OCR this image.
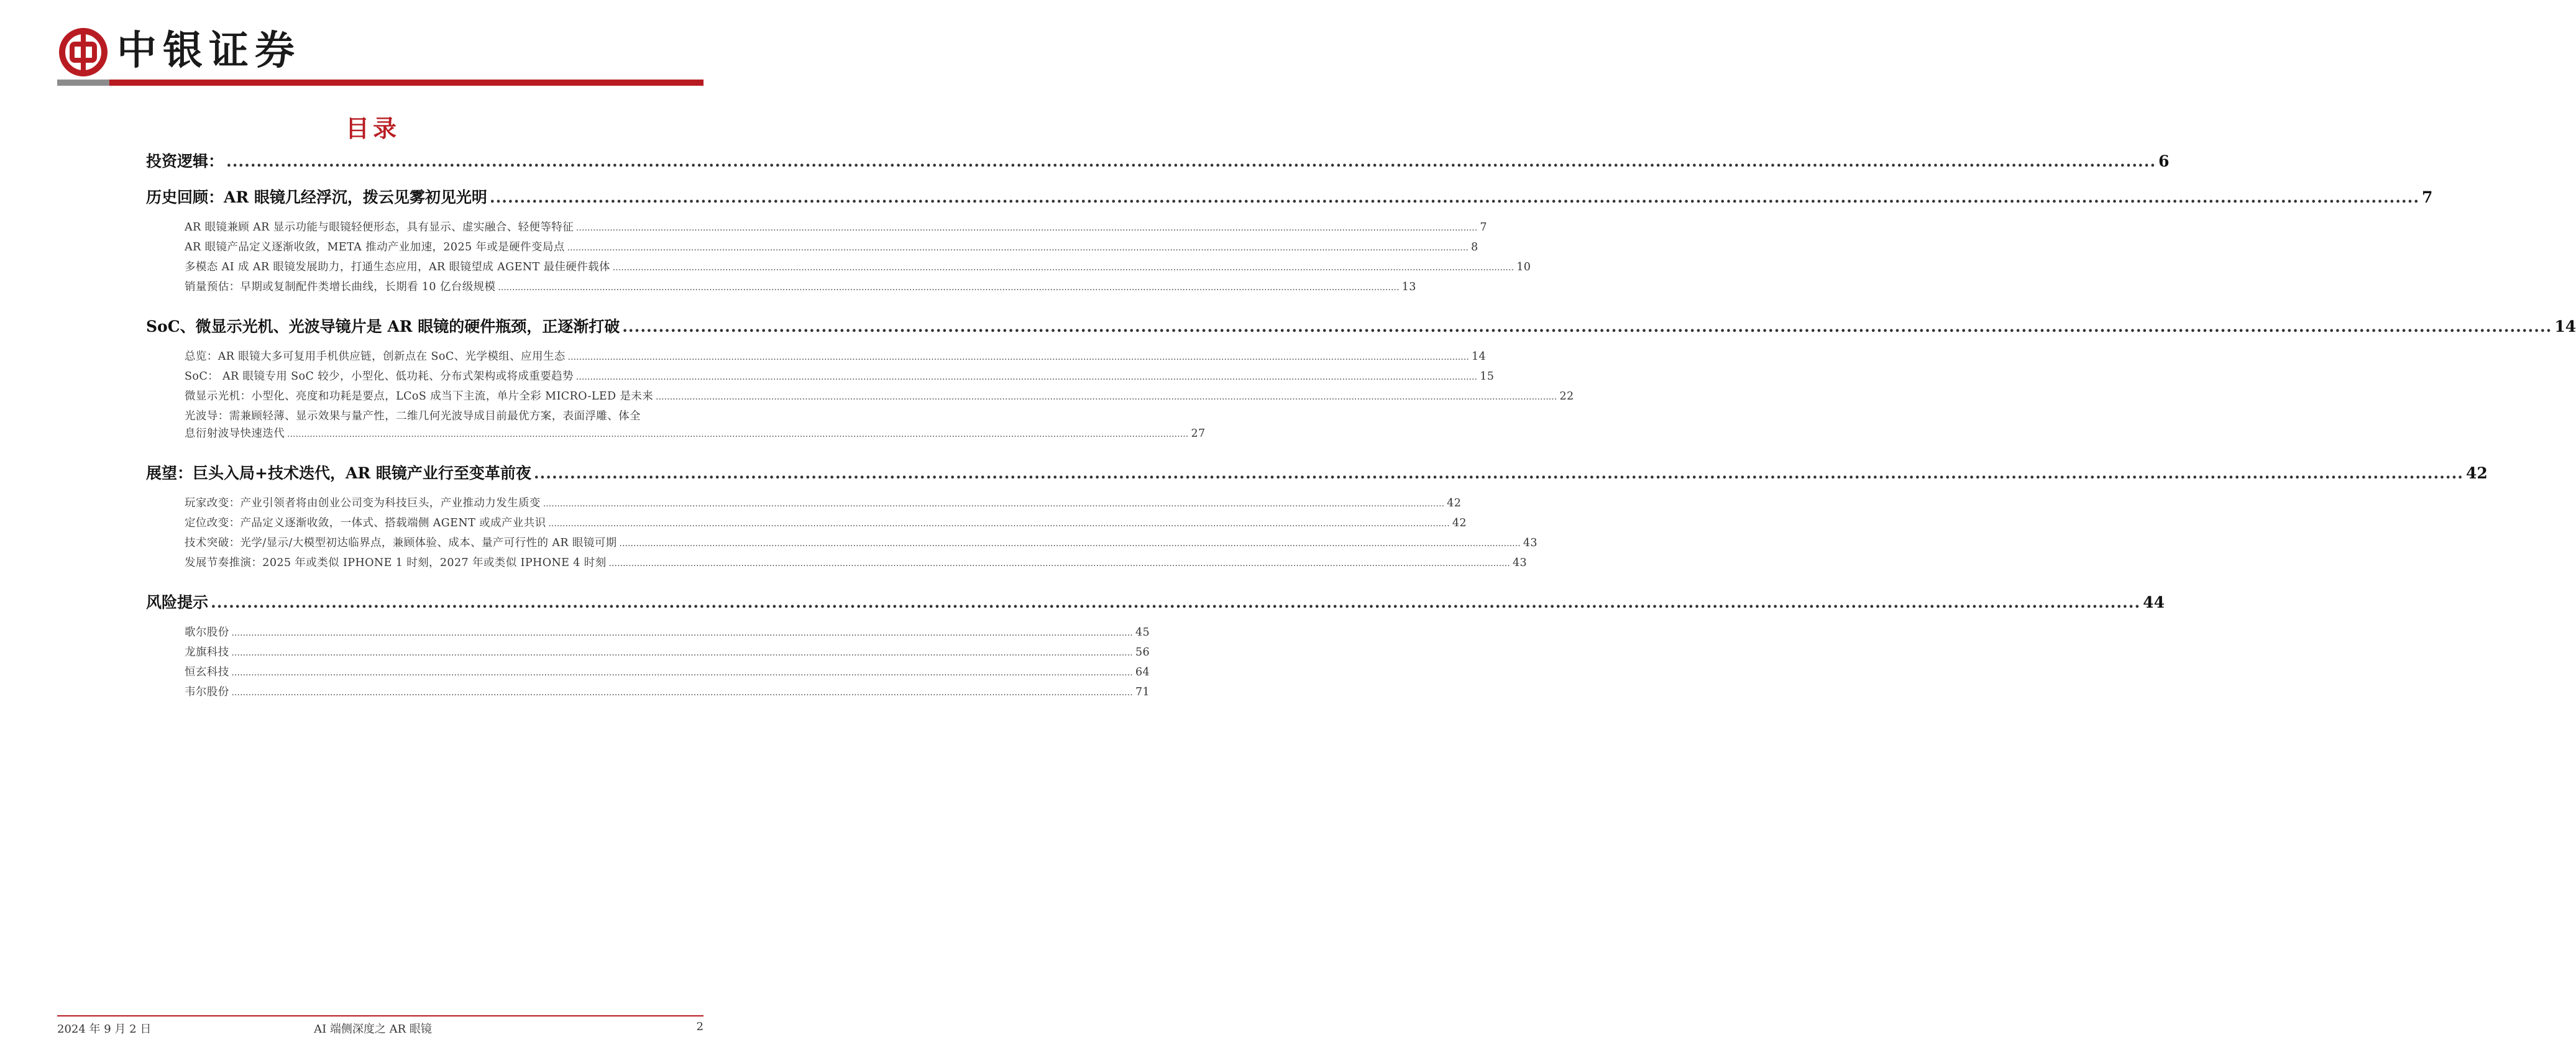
中银证券
目录
投资逻辑： .....	6
历史回顾：AR 眼镜几经浮沉，拨云见雾初见光明 .....	7
AR 眼镜兼顾 AR 显示功能与眼镜轻便形态，具有显示、虚实融合、轻便等特征 .....	7
AR 眼镜产品定义逐渐收敛，META 推动产业加速，2025 年或是硬件变局点 .....	8
多模态 AI 成 AR 眼镜发展助力，打通生态应用，AR 眼镜望成 AGENT 最佳硬件载体 .....	10
销量预估：早期或复制配件类增长曲线，长期看 10 亿台级规模 .....	13
SoC、微显示光机、光波导镜片是 AR 眼镜的硬件瓶颈，正逐渐打破 .....	14
总览：AR 眼镜大多可复用手机供应链，创新点在 SoC、光学模组、应用生态 .....	14
SoC： AR 眼镜专用 SoC 较少，小型化、低功耗、分布式架构或将成重要趋势 .....	15
微显示光机：小型化、亮度和功耗是要点，LCoS 成当下主流，单片全彩 MICRO-LED 是未来 .....	22
光波导：需兼顾轻薄、显示效果与量产性，二维几何光波导成目前最优方案，表面浮雕、体全
息衍射波导快速迭代 .....	27
展望：巨头入局+技术迭代，AR 眼镜产业行至变革前夜 .....	42
玩家改变：产业引领者将由创业公司变为科技巨头，产业推动力发生质变 .....	42
定位改变：产品定义逐渐收敛，一体式、搭载端侧 AGENT 或成产业共识 .....	42
技术突破：光学/显示/大模型初达临界点，兼顾体验、成本、量产可行性的 AR 眼镜可期 .....	43
发展节奏推演：2025 年或类似 IPHONE 1 时刻，2027 年或类似 IPHONE 4 时刻 .....	43
风险提示 .....	44
歌尔股份 .....	45
龙旗科技 .....	56
恒玄科技 .....	64
韦尔股份 .....	71
2024 年 9 月 2 日	AI 端侧深度之 AR 眼镜	2
